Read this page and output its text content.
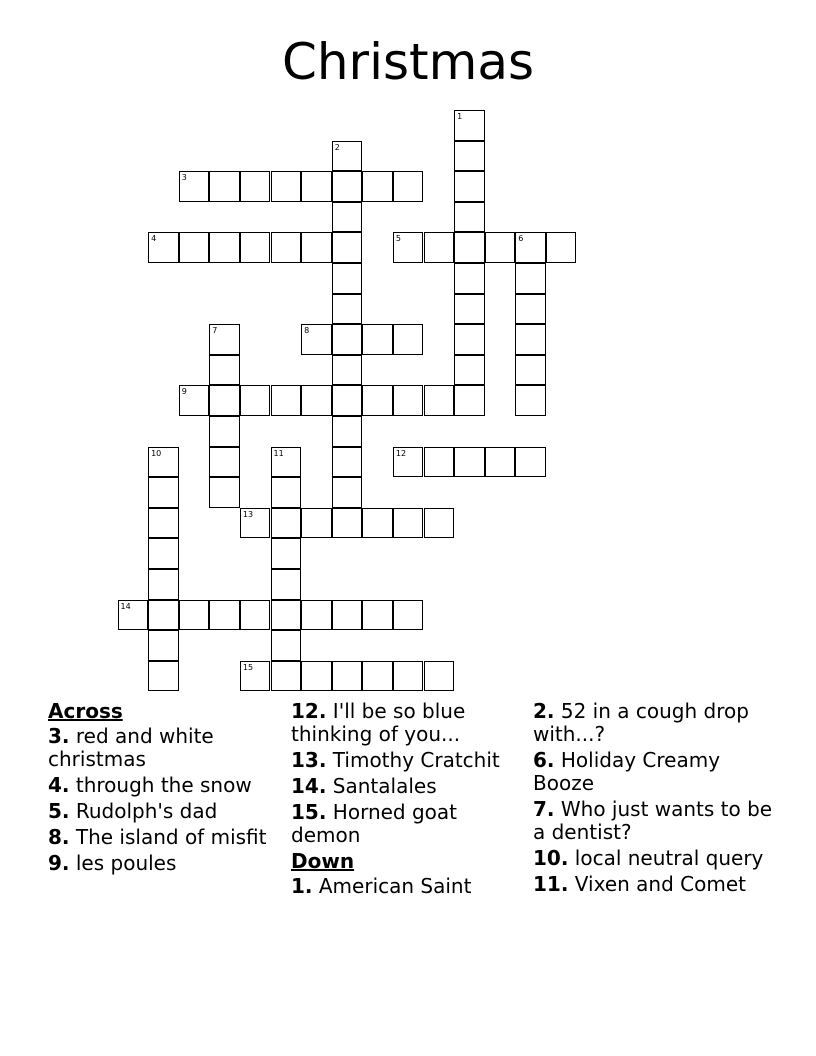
Christmas
1
2
3
4	5	6
7	8
9
10	11	12
13
14
15
Across
3. red and white christmas
4. through the snow
5. Rudolph's dad
8. The island of misfit
9. les poules
12. I'll be so blue thinking of you...
13. Timothy Cratchit
14. Santalales
15. Horned goat demon
Down
1. American Saint
2. 52 in a cough drop with...?
6. Holiday Creamy Booze
7. Who just wants to be a dentist?
10. local neutral query
11. Vixen and Comet
